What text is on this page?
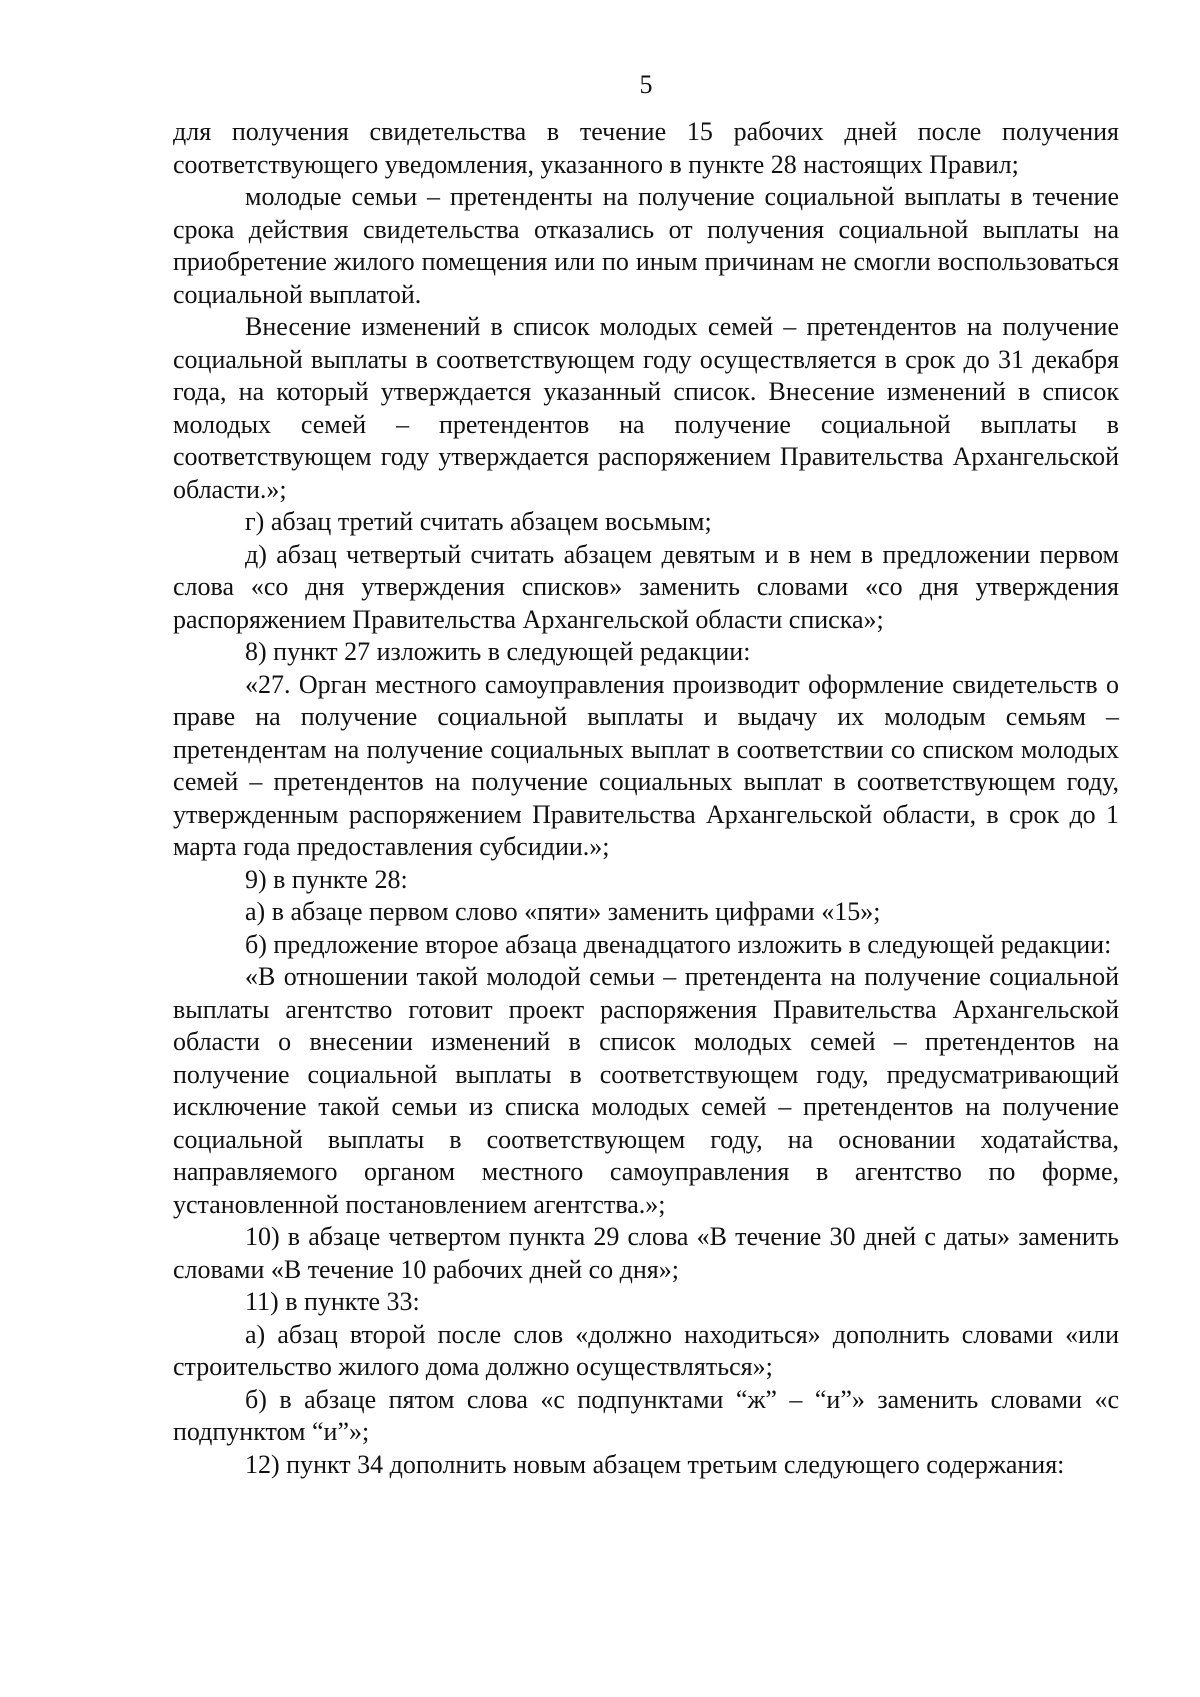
5

для получения свидетельства в течение 15 рабочих дней после получения соответствующего уведомления, указанного в пункте 28 настоящих Правил;

молодые семьи – претенденты на получение социальной выплаты в течение срока действия свидетельства отказались от получения социальной выплаты на приобретение жилого помещения или по иным причинам не смогли воспользоваться социальной выплатой.

Внесение изменений в список молодых семей – претендентов на получение социальной выплаты в соответствующем году осуществляется в срок до 31 декабря года, на который утверждается указанный список. Внесение изменений в список молодых семей – претендентов на получение социальной выплаты в соответствующем году утверждается распоряжением Правительства Архангельской области.»;

г) абзац третий считать абзацем восьмым;

д) абзац четвертый считать абзацем девятым и в нем в предложении первом слова «со дня утверждения списков» заменить словами «со дня утверждения распоряжением Правительства Архангельской области списка»;

8) пункт 27 изложить в следующей редакции:

«27. Орган местного самоуправления производит оформление свидетельств о праве на получение социальной выплаты и выдачу их молодым семьям – претендентам на получение социальных выплат в соответствии со списком молодых семей – претендентов на получение социальных выплат в соответствующем году, утвержденным распоряжением Правительства Архангельской области, в срок до 1 марта года предоставления субсидии.»;

9) в пункте 28:

а) в абзаце первом слово «пяти» заменить цифрами «15»;

б) предложение второе абзаца двенадцатого изложить в следующей редакции:

«В отношении такой молодой семьи – претендента на получение социальной выплаты агентство готовит проект распоряжения Правительства Архангельской области о внесении изменений в список молодых семей – претендентов на получение социальной выплаты в соответствующем году, предусматривающий исключение такой семьи из списка молодых семей – претендентов на получение социальной выплаты в соответствующем году, на основании ходатайства, направляемого органом местного самоуправления в агентство по форме, установленной постановлением агентства.»;

10) в абзаце четвертом пункта 29 слова «В течение 30 дней с даты» заменить словами «В течение 10 рабочих дней со дня»;

11) в пункте 33:

а) абзац второй после слов «должно находиться» дополнить словами «или строительство жилого дома должно осуществляться»;

б) в абзаце пятом слова «с подпунктами “ж” – “и”» заменить словами «с подпунктом “и”»;

12) пункт 34 дополнить новым абзацем третьим следующего содержания:
